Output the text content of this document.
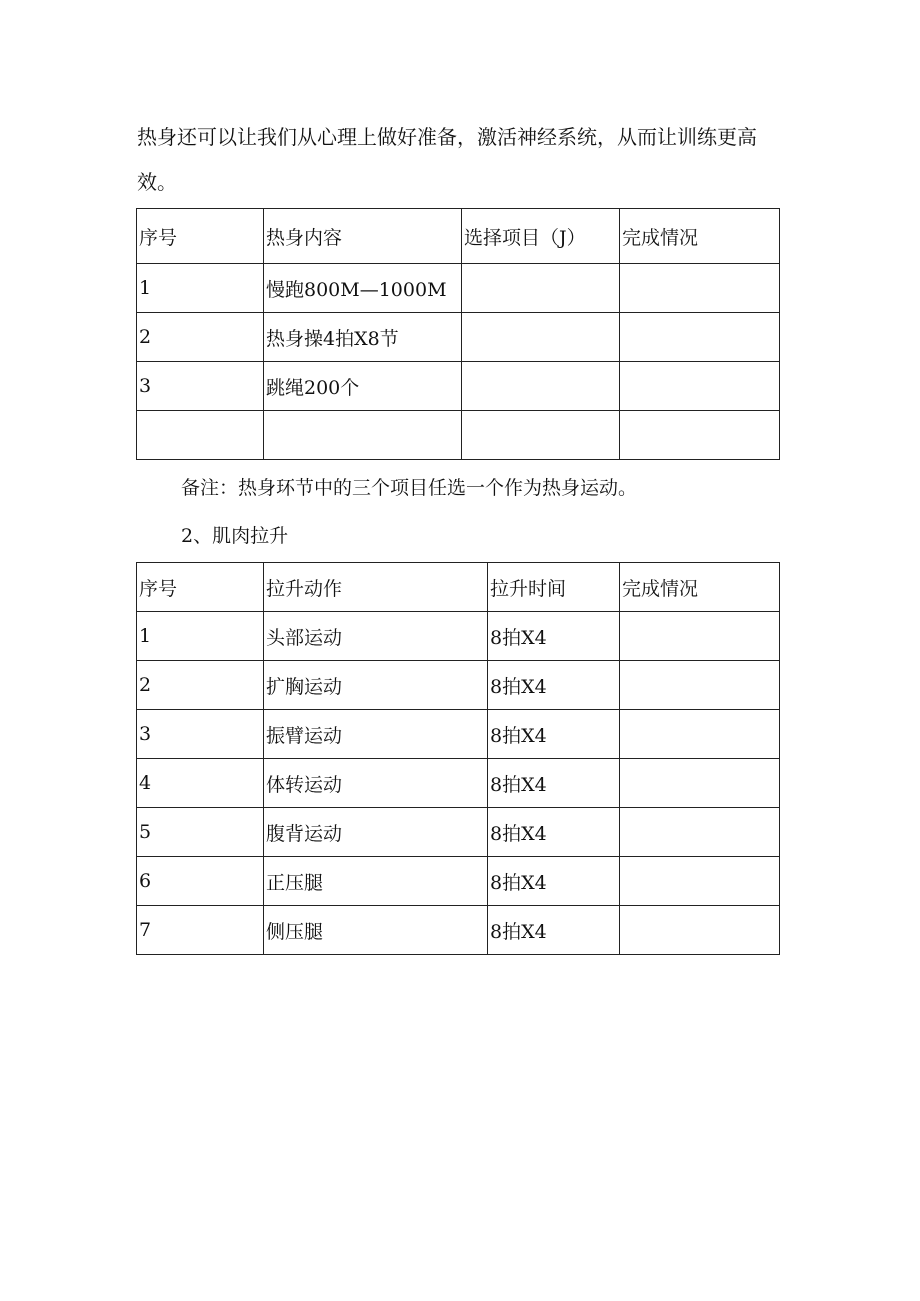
热身还可以让我们从心理上做好准备，激活神经系统，从而让训练更高效。

序号	热身内容	选择项目（J）	完成情况
1	慢跑800M—1000M		
2	热身操4拍X8节		
3	跳绳200个		

备注：热身环节中的三个项目任选一个作为热身运动。

2、肌肉拉升

序号	拉升动作	拉升时间	完成情况
1	头部运动	8拍X4	
2	扩胸运动	8拍X4	
3	振臂运动	8拍X4	
4	体转运动	8拍X4	
5	腹背运动	8拍X4	
6	正压腿	8拍X4	
7	侧压腿	8拍X4	
